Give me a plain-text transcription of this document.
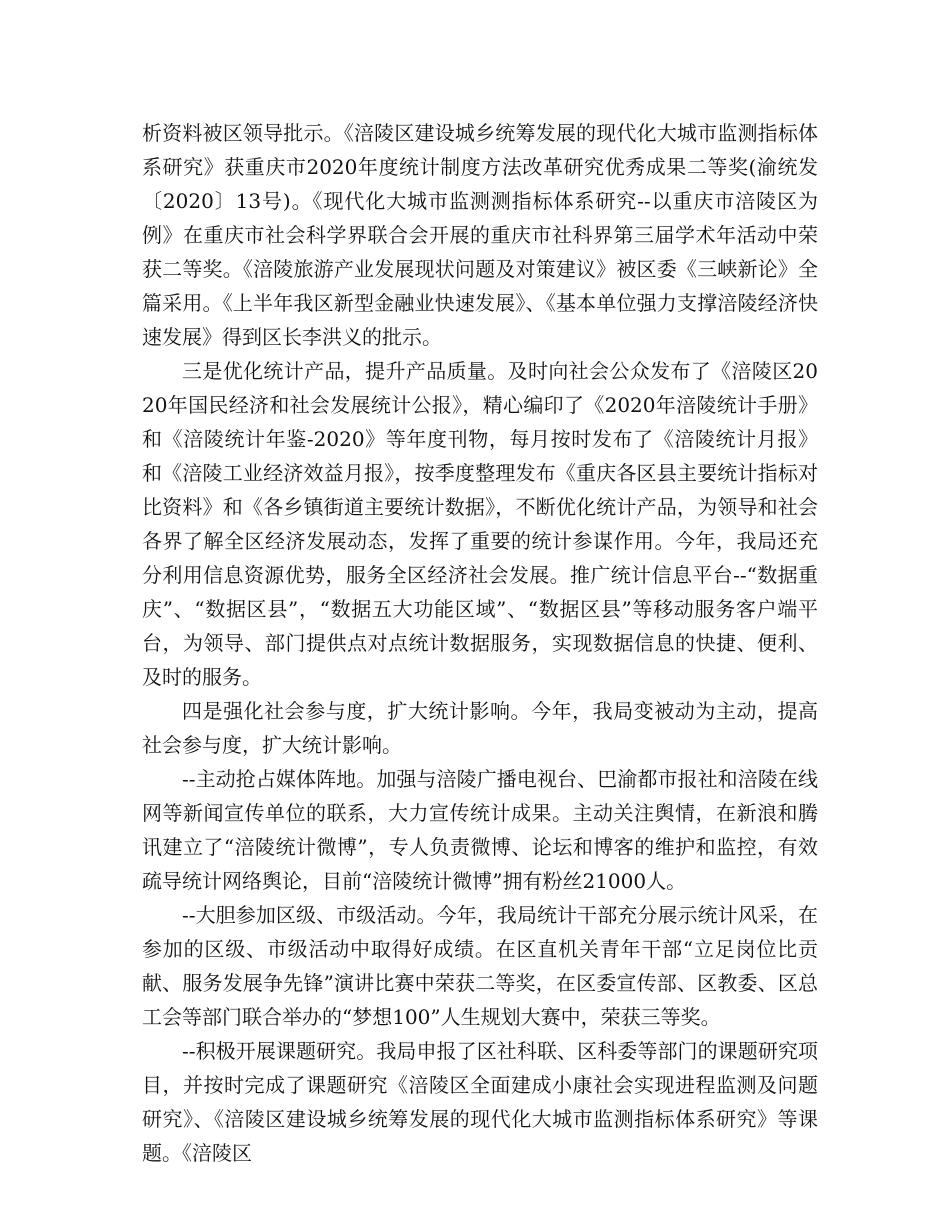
析资料被区领导批示。《涪陵区建设城乡统筹发展的现代化大城市监测指标体系研究》获重庆市2020年度统计制度方法改革研究优秀成果二等奖(渝统发〔2020〕13号)。《现代化大城市监测测指标体系研究--以重庆市涪陵区为例》在重庆市社会科学界联合会开展的重庆市社科界第三届学术年活动中荣获二等奖。《涪陵旅游产业发展现状问题及对策建议》被区委《三峡新论》全篇采用。《上半年我区新型金融业快速发展》、《基本单位强力支撑涪陵经济快速发展》得到区长李洪义的批示。

三是优化统计产品，提升产品质量。及时向社会公众发布了《涪陵区2020年国民经济和社会发展统计公报》，精心编印了《2020年涪陵统计手册》和《涪陵统计年鉴-2020》等年度刊物，每月按时发布了《涪陵统计月报》和《涪陵工业经济效益月报》，按季度整理发布《重庆各区县主要统计指标对比资料》和《各乡镇街道主要统计数据》，不断优化统计产品，为领导和社会各界了解全区经济发展动态，发挥了重要的统计参谋作用。今年，我局还充分利用信息资源优势，服务全区经济社会发展。推广统计信息平台--“数据重庆”、“数据区县”，“数据五大功能区域”、“数据区县”等移动服务客户端平台，为领导、部门提供点对点统计数据服务，实现数据信息的快捷、便利、及时的服务。

四是强化社会参与度，扩大统计影响。今年，我局变被动为主动，提高社会参与度，扩大统计影响。

--主动抢占媒体阵地。加强与涪陵广播电视台、巴渝都市报社和涪陵在线网等新闻宣传单位的联系，大力宣传统计成果。主动关注舆情，在新浪和腾讯建立了“涪陵统计微博”，专人负责微博、论坛和博客的维护和监控，有效疏导统计网络舆论，目前“涪陵统计微博”拥有粉丝21000人。

--大胆参加区级、市级活动。今年，我局统计干部充分展示统计风采，在参加的区级、市级活动中取得好成绩。在区直机关青年干部“立足岗位比贡献、服务发展争先锋”演讲比赛中荣获二等奖，在区委宣传部、区教委、区总工会等部门联合举办的“梦想100”人生规划大赛中，荣获三等奖。

--积极开展课题研究。我局申报了区社科联、区科委等部门的课题研究项目，并按时完成了课题研究《涪陵区全面建成小康社会实现进程监测及问题研究》、《涪陵区建设城乡统筹发展的现代化大城市监测指标体系研究》等课题。《涪陵区
